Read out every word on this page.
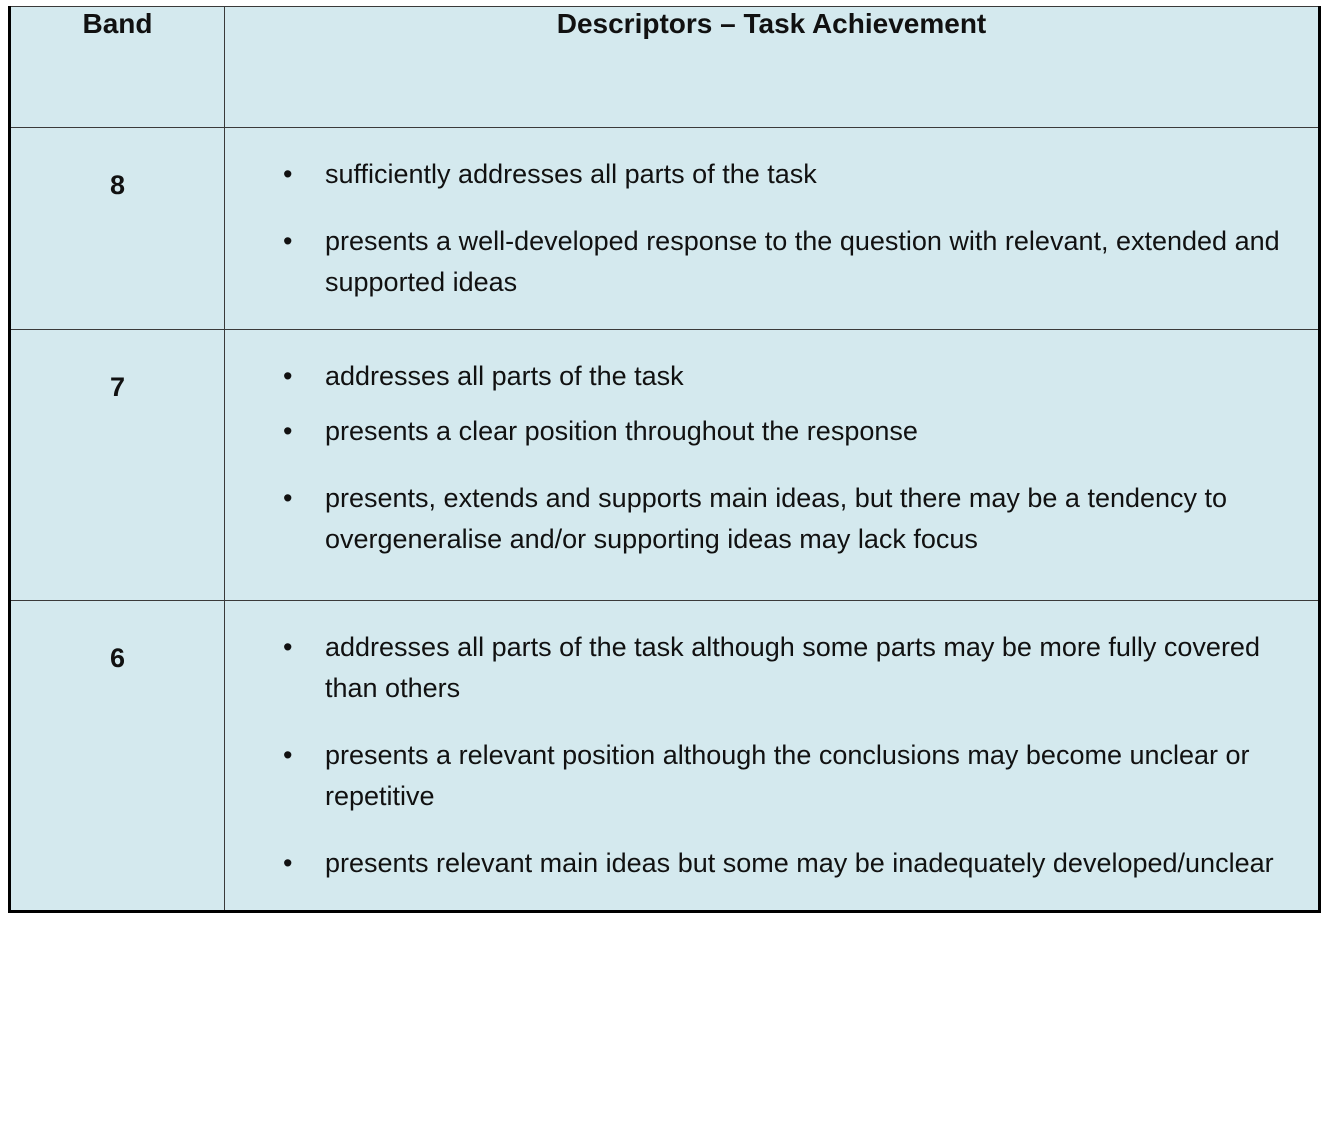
Band	Descriptors – Task Achievement
8	• sufficiently addresses all parts of the task
• presents a well-developed response to the question with relevant, extended and supported ideas

7	• addresses all parts of the task
• presents a clear position throughout the response
• presents, extends and supports main ideas, but there may be a tendency to overgeneralise and/or supporting ideas may lack focus

6	• addresses all parts of the task although some parts may be more fully covered than others
• presents a relevant position although the conclusions may become unclear or repetitive
• presents relevant main ideas but some may be inadequately developed/unclear
